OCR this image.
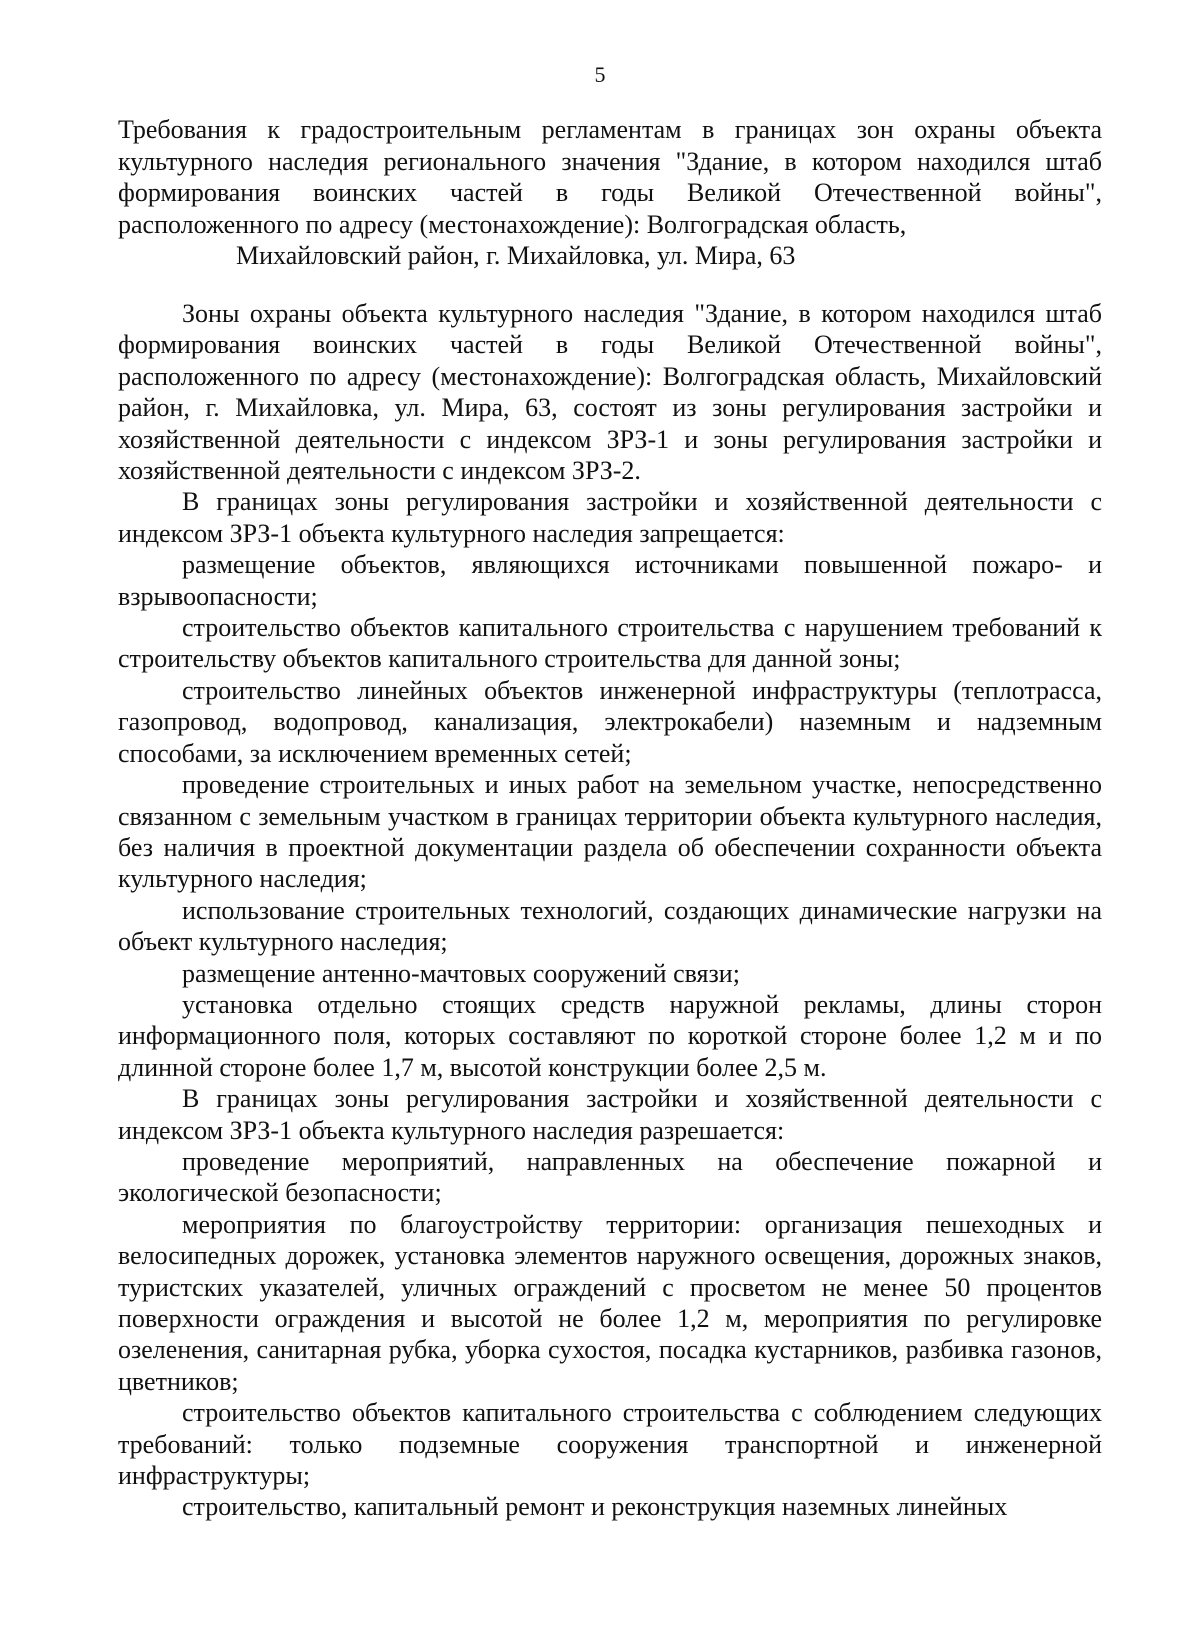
5
Требования к градостроительным регламентам в границах зон охраны объекта культурного наследия регионального значения "Здание, в котором находился штаб формирования воинских частей в годы Великой Отечественной войны", расположенного по адресу (местонахождение): Волгоградская область,
Михайловский район, г. Михайловка, ул. Мира, 63

Зоны охраны объекта культурного наследия "Здание, в котором находился штаб формирования воинских частей в годы Великой Отечественной войны", расположенного по адресу (местонахождение): Волгоградская область, Михайловский район, г. Михайловка, ул. Мира, 63, состоят из зоны регулирования застройки и хозяйственной деятельности с индексом ЗРЗ-1 и зоны регулирования застройки и хозяйственной деятельности с индексом ЗРЗ-2.

В границах зоны регулирования застройки и хозяйственной деятельности с индексом ЗРЗ-1 объекта культурного наследия запрещается:

размещение объектов, являющихся источниками повышенной пожаро- и взрывоопасности;

строительство объектов капитального строительства с нарушением требований к строительству объектов капитального строительства для данной зоны;

строительство линейных объектов инженерной инфраструктуры (теплотрасса, газопровод, водопровод, канализация, электрокабели) наземным и надземным способами, за исключением временных сетей;

проведение строительных и иных работ на земельном участке, непосредственно связанном с земельным участком в границах территории объекта культурного наследия, без наличия в проектной документации раздела об обеспечении сохранности объекта культурного наследия;

использование строительных технологий, создающих динамические нагрузки на объект культурного наследия;

размещение антенно-мачтовых сооружений связи;

установка отдельно стоящих средств наружной рекламы, длины сторон информационного поля, которых составляют по короткой стороне более 1,2 м и по длинной стороне более 1,7 м, высотой конструкции более 2,5 м.

В границах зоны регулирования застройки и хозяйственной деятельности с индексом ЗРЗ-1 объекта культурного наследия разрешается:

проведение мероприятий, направленных на обеспечение пожарной и экологической безопасности;

мероприятия по благоустройству территории: организация пешеходных и велосипедных дорожек, установка элементов наружного освещения, дорожных знаков, туристских указателей, уличных ограждений с просветом не менее 50 процентов поверхности ограждения и высотой не более 1,2 м, мероприятия по регулировке озеленения, санитарная рубка, уборка сухостоя, посадка кустарников, разбивка газонов, цветников;

строительство объектов капитального строительства с соблюдением следующих требований: только подземные сооружения транспортной и инженерной инфраструктуры;

строительство, капитальный ремонт и реконструкция наземных линейных
